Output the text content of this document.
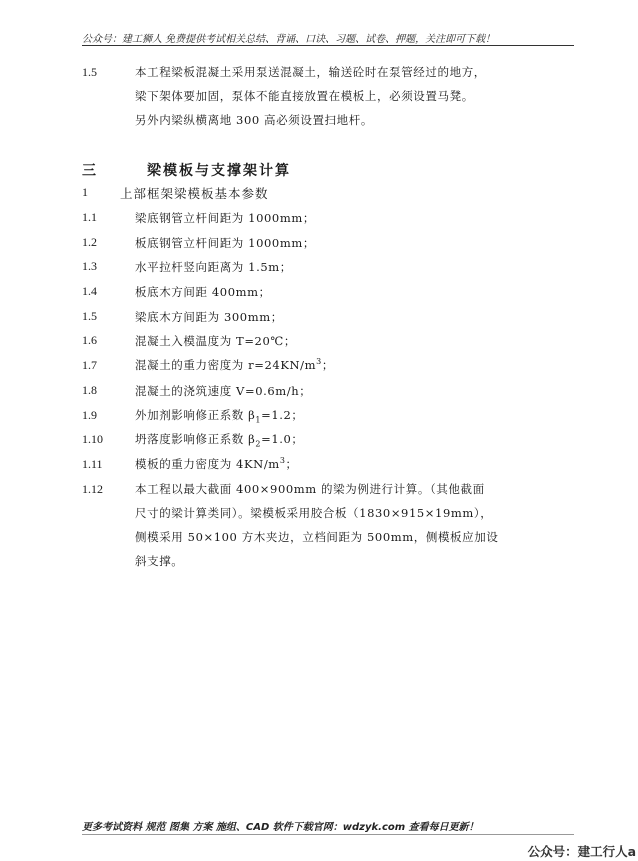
公众号：建工狮人 免费提供考试相关总结、背诵、口诀、习题、试卷、押题，关注即可下载！
1.5	本工程梁板混凝土采用泵送混凝土，输送砼时在泵管经过的地方，
梁下架体要加固，泵体不能直接放置在模板上，必须设置马凳。
另外内梁纵横离地 300 高必须设置扫地杆。
三	梁模板与支撑架计算
1	上部框架梁模板基本参数
1.1	梁底钢管立杆间距为 1000mm；
1.2	板底钢管立杆间距为 1000mm；
1.3	水平拉杆竖向距离为 1.5m；
1.4	板底木方间距 400mm；
1.5	梁底木方间距为 300mm；
1.6	混凝土入模温度为 T=20℃；
1.7	混凝土的重力密度为 $r=24KN/m^3$；
1.8	混凝土的浇筑速度 V=0.6m/h；
1.9	外加剂影响修正系数 $\beta_1=1.2$；
1.10	坍落度影响修正系数 $\beta_2=1.0$；
1.11	模板的重力密度为 $4KN/m^3$；
1.12	本工程以最大截面 400×900mm 的梁为例进行计算。（其他截面
尺寸的梁计算类同）。梁模板采用胶合板（1830×915×19mm），
侧模采用 50×100 方木夹边，立档间距为 500mm，侧模板应加设
斜支撑。
更多考试资料 规范 图集 方案 施组、CAD 软件下载官网：wdzyk.com 查看每日更新！
公众号：建工行人a
